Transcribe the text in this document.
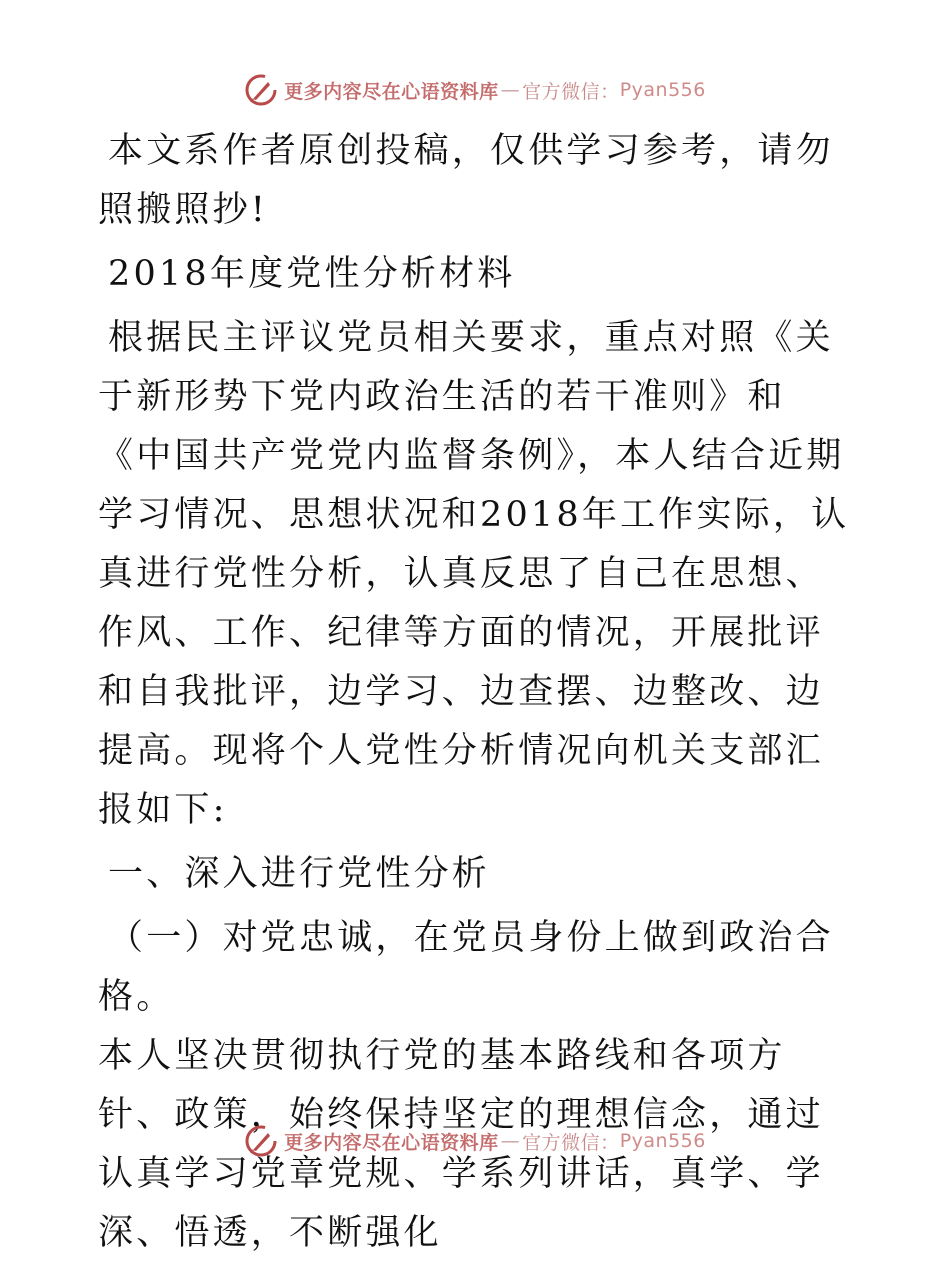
更多内容尽在心语资料库 — 官方微信： Pyan556

本文系作者原创投稿，仅供学习参考，请勿照搬照抄!

2018年度党性分析材料

根据民主评议党员相关要求，重点对照《关于新形势下党内政治生活的若干准则》和《中国共产党党内监督条例》，本人结合近期学习情况、思想状况和2018年工作实际，认真进行党性分析，认真反思了自己在思想、作风、工作、纪律等方面的情况，开展批评和自我批评，边学习、边查摆、边整改、边提高。现将个人党性分析情况向机关支部汇报如下:

一、深入进行党性分析

（一）对党忠诚，在党员身份上做到政治合格。

本人坚决贯彻执行党的基本路线和各项方针、政策，始终保持坚定的理想信念，通过认真学习党章党规、学系列讲话，真学、学深、悟透，不断强化

更多内容尽在心语资料库 — 官方微信： Pyan556
